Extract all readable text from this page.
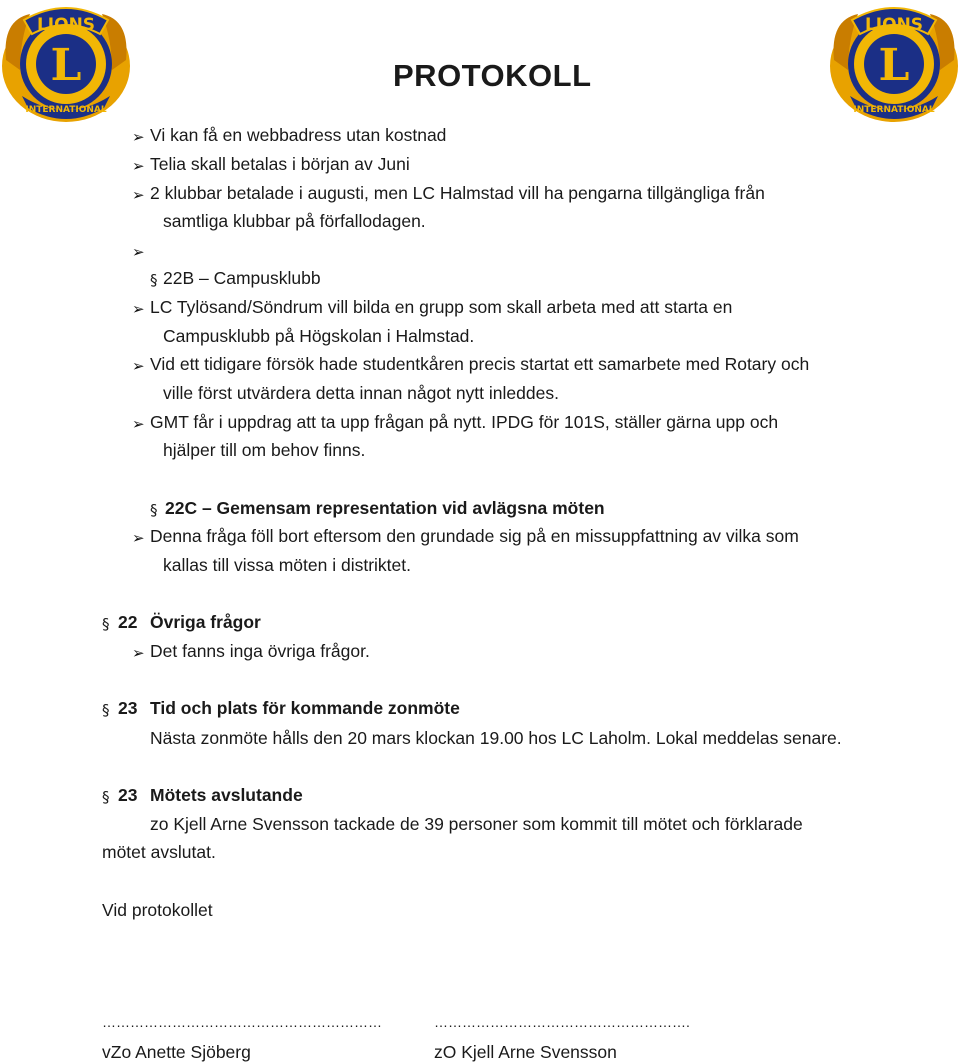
L
LIONS
INTERNATIONAL
L
LIONS
INTERNATIONAL
PROTOKOLL
➢ Vi kan få en webbadress utan kostnad
➢ Telia skall betalas i början av Juni
➢ 2 klubbar betalade i augusti, men LC Halmstad vill ha pengarna tillgängliga från
samtliga klubbar på förfallodagen.
➢
§ 22B – Campusklubb
➢ LC Tylösand/Söndrum vill bilda en grupp som skall arbeta med att starta en
Campusklubb på Högskolan i Halmstad.
➢ Vid ett tidigare försök hade studentkåren precis startat ett samarbete med Rotary och
ville först utvärdera detta innan något nytt inleddes.
➢ GMT får i uppdrag att ta upp frågan på nytt. IPDG för 101S, ställer gärna upp och
hjälper till om behov finns.
§ 22C – Gemensam representation vid avlägsna möten
➢ Denna fråga föll bort eftersom den grundade sig på en missuppfattning av vilka som
kallas till vissa möten i distriktet.
§ 22 Övriga frågor
➢ Det fanns inga övriga frågor.
§ 23 Tid och plats för kommande zonmöte
Nästa zonmöte hålls den 20 mars klockan 19.00 hos LC Laholm. Lokal meddelas senare.
§ 23 Mötets avslutande
zo Kjell Arne Svensson tackade de 39 personer som kommit till mötet och förklarade
mötet avslutat.
Vid protokollet
……………………………………………………	……………………………………………….
vZo Anette Sjöberg	zO Kjell Arne Svensson
